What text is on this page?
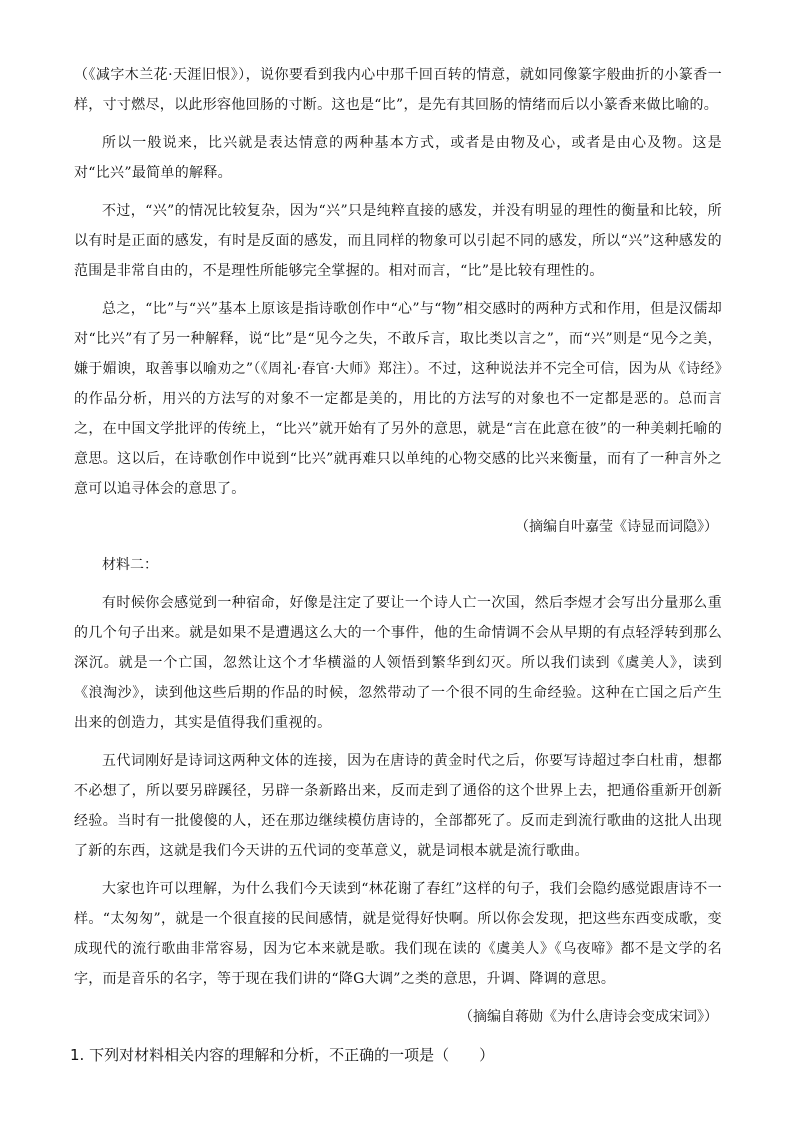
（《减字木兰花·天涯旧恨》），说你要看到我内心中那千回百转的情意，就如同像篆字般曲折的小篆香一样，寸寸燃尽，以此形容他回肠的寸断。这也是“比”，是先有其回肠的情绪而后以小篆香来做比喻的。

所以一般说来，比兴就是表达情意的两种基本方式，或者是由物及心，或者是由心及物。这是对“比兴”最简单的解释。

不过，“兴”的情况比较复杂，因为“兴”只是纯粹直接的感发，并没有明显的理性的衡量和比较，所以有时是正面的感发，有时是反面的感发，而且同样的物象可以引起不同的感发，所以“兴”这种感发的范围是非常自由的，不是理性所能够完全掌握的。相对而言，“比”是比较有理性的。

总之，“比”与“兴”基本上原该是指诗歌创作中“心”与“物”相交感时的两种方式和作用，但是汉儒却对“比兴”有了另一种解释，说“比”是“见今之失，不敢斥言，取比类以言之”，而“兴”则是“见今之美，嫌于媚谀，取善事以喻劝之”（《周礼·春官·大师》郑注）。不过，这种说法并不完全可信，因为从《诗经》的作品分析，用兴的方法写的对象不一定都是美的，用比的方法写的对象也不一定都是恶的。总而言之，在中国文学批评的传统上，“比兴”就开始有了另外的意思，就是“言在此意在彼”的一种美刺托喻的意思。这以后，在诗歌创作中说到“比兴”就再难只以单纯的心物交感的比兴来衡量，而有了一种言外之意可以追寻体会的意思了。

（摘编自叶嘉莹《诗显而词隐》）

材料二：

有时候你会感觉到一种宿命，好像是注定了要让一个诗人亡一次国，然后李煜才会写出分量那么重的几个句子出来。就是如果不是遭遇这么大的一个事件，他的生命情调不会从早期的有点轻浮转到那么深沉。就是一个亡国，忽然让这个才华横溢的人领悟到繁华到幻灭。所以我们读到《虞美人》，读到《浪淘沙》，读到他这些后期的作品的时候，忽然带动了一个很不同的生命经验。这种在亡国之后产生出来的创造力，其实是值得我们重视的。

五代词刚好是诗词这两种文体的连接，因为在唐诗的黄金时代之后，你要写诗超过李白杜甫，想都不必想了，所以要另辟蹊径，另辟一条新路出来，反而走到了通俗的这个世界上去，把通俗重新开创新经验。当时有一批傻傻的人，还在那边继续模仿唐诗的，全部都死了。反而走到流行歌曲的这批人出现了新的东西，这就是我们今天讲的五代词的变革意义，就是词根本就是流行歌曲。

大家也许可以理解，为什么我们今天读到“林花谢了春红”这样的句子，我们会隐约感觉跟唐诗不一样。“太匆匆”，就是一个很直接的民间感情，就是觉得好快啊。所以你会发现，把这些东西变成歌，变成现代的流行歌曲非常容易，因为它本来就是歌。我们现在读的《虞美人》《乌夜啼》都不是文学的名字，而是音乐的名字，等于现在我们讲的“降G大调”之类的意思，升调、降调的意思。

（摘编自蒋勋《为什么唐诗会变成宋词》）

1. 下列对材料相关内容的理解和分析，不正确的一项是（　　）
